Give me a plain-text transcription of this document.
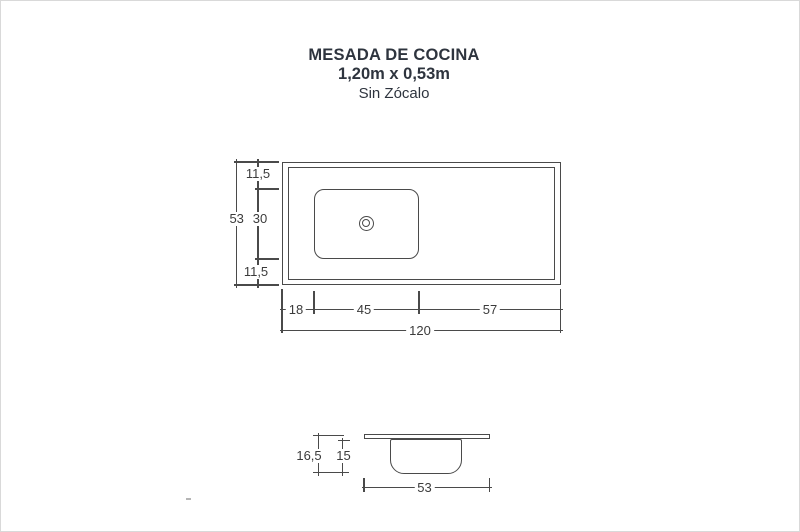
MESADA DE COCINA
1,20m x 0,53m
Sin Zócalo
53
11,5
30
11,5
18	45	57
120
16,5 15
53
